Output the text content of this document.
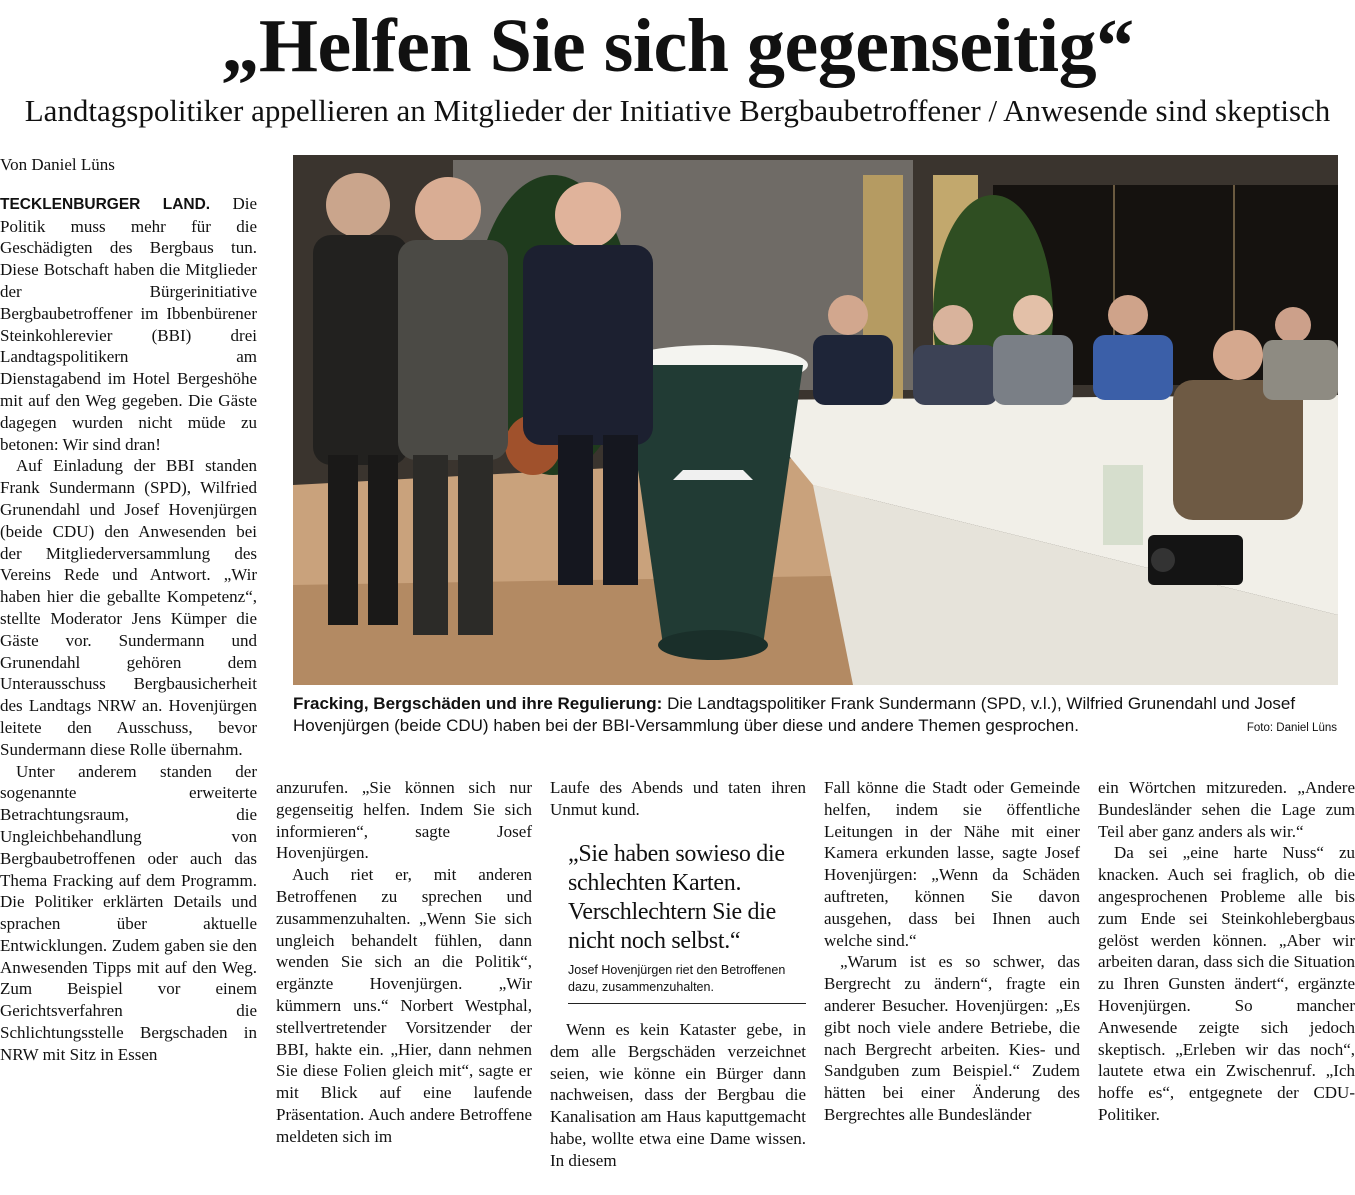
„Helfen Sie sich gegenseitig“
Landtagspolitiker appellieren an Mitglieder der Initiative Bergbaubetroffener / Anwesende sind skeptisch

Von Daniel Lüns

TECKLENBURGER LAND. Die Politik muss mehr für die Geschädigten des Bergbaus tun. Diese Botschaft haben die Mitglieder der Bürgerinitiative Bergbaubetroffener im Ibbenbürener Steinkohlerevier (BBI) drei Landtagspolitikern am Dienstagabend im Hotel Bergeshöhe mit auf den Weg gegeben. Die Gäste dagegen wurden nicht müde zu betonen: Wir sind dran!

Auf Einladung der BBI standen Frank Sundermann (SPD), Wilfried Grunendahl und Josef Hovenjürgen (beide CDU) den Anwesenden bei der Mitgliederversammlung des Vereins Rede und Antwort. „Wir haben hier die geballte Kompetenz“, stellte Moderator Jens Kümper die Gäste vor. Sundermann und Grunendahl gehören dem Unterausschuss Bergbausicherheit des Landtags NRW an. Hovenjürgen leitete den Ausschuss, bevor Sundermann diese Rolle übernahm.

Unter anderem standen der sogenannte erweiterte Betrachtungsraum, die Ungleichbehandlung von Bergbaubetroffenen oder auch das Thema Fracking auf dem Programm. Die Politiker erklärten Details und sprachen über aktuelle Entwicklungen. Zudem gaben sie den Anwesenden Tipps mit auf den Weg. Zum Beispiel vor einem Gerichtsverfahren die Schlichtungsstelle Bergschaden in NRW mit Sitz in Essen

Fracking, Bergschäden und ihre Regulierung: Die Landtagspolitiker Frank Sundermann (SPD, v.l.), Wilfried Grunendahl und Josef Hovenjürgen (beide CDU) haben bei der BBI-Versammlung über diese und andere Themen gesprochen.	Foto: Daniel Lüns

anzurufen. „Sie können sich nur gegenseitig helfen. Indem Sie sich informieren“, sagte Josef Hovenjürgen.

Auch riet er, mit anderen Betroffenen zu sprechen und zusammenzuhalten. „Wenn Sie sich ungleich behandelt fühlen, dann wenden Sie sich an die Politik“, ergänzte Hovenjürgen. „Wir kümmern uns.“ Norbert Westphal, stellvertretender Vorsitzender der BBI, hakte ein. „Hier, dann nehmen Sie diese Folien gleich mit“, sagte er mit Blick auf eine laufende Präsentation. Auch andere Betroffene meldeten sich im

Laufe des Abends und taten ihren Unmut kund.

„Sie haben sowieso die schlechten Karten. Verschlechtern Sie die nicht noch selbst.“
Josef Hovenjürgen riet den Betroffenen dazu, zusammenzuhalten.

Wenn es kein Kataster gebe, in dem alle Bergschäden verzeichnet seien, wie könne ein Bürger dann nachweisen, dass der Bergbau die Kanalisation am Haus kaputtgemacht habe, wollte etwa eine Dame wissen. In diesem

Fall könne die Stadt oder Gemeinde helfen, indem sie öffentliche Leitungen in der Nähe mit einer Kamera erkunden lasse, sagte Josef Hovenjürgen: „Wenn da Schäden auftreten, können Sie davon ausgehen, dass bei Ihnen auch welche sind.“

„Warum ist es so schwer, das Bergrecht zu ändern“, fragte ein anderer Besucher. Hovenjürgen: „Es gibt noch viele andere Betriebe, die nach Bergrecht arbeiten. Kies- und Sandguben zum Beispiel.“ Zudem hätten bei einer Änderung des Bergrechtes alle Bundesländer

ein Wörtchen mitzureden. „Andere Bundesländer sehen die Lage zum Teil aber ganz anders als wir.“

Da sei „eine harte Nuss“ zu knacken. Auch sei fraglich, ob die angesprochenen Probleme alle bis zum Ende sei Steinkohlebergbaus gelöst werden können. „Aber wir arbeiten daran, dass sich die Situation zu Ihren Gunsten ändert“, ergänzte Hovenjürgen. So mancher Anwesende zeigte sich jedoch skeptisch. „Erleben wir das noch“, lautete etwa ein Zwischenruf. „Ich hoffe es“, entgegnete der CDU-Politiker.
